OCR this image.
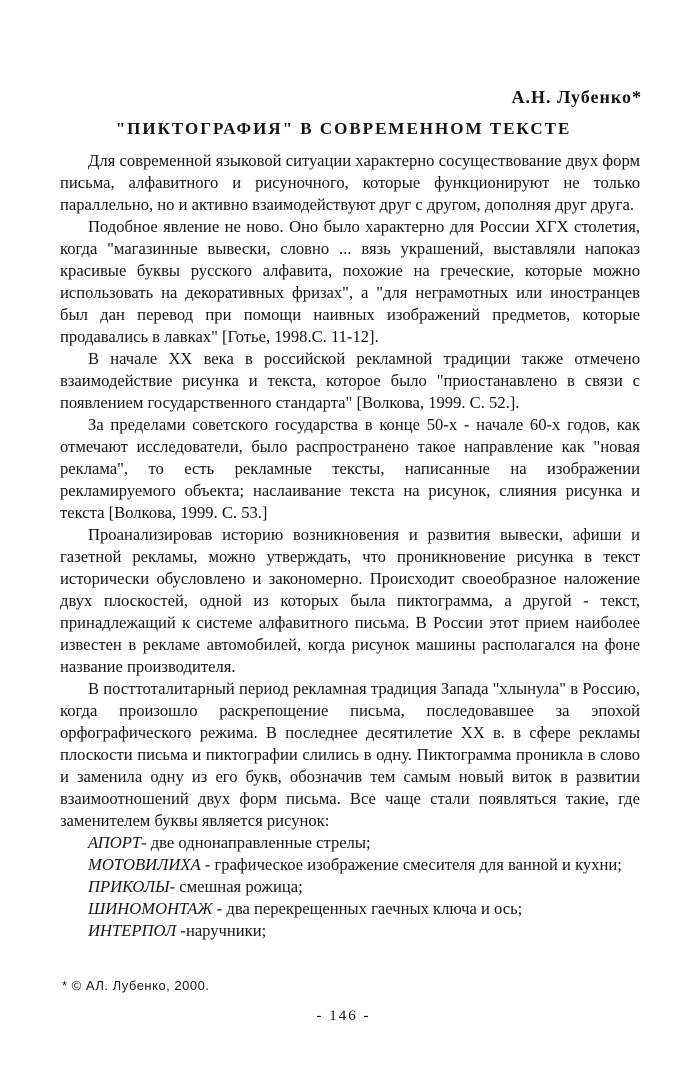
А.Н. Лубенко*
"ПИКТОГРАФИЯ" В СОВРЕМЕННОМ ТЕКСТЕ

Для современной языковой ситуации характерно сосуществование двух форм письма, алфавитного и рисуночного, которые функционируют не только параллельно, но и активно взаимодействуют друг с другом, дополняя друг друга.

Подобное явление не ново. Оно было характерно для России ХГХ столетия, когда "магазинные вывески, словно ... вязь украшений, выставляли напоказ красивые буквы русского алфавита, похожие на греческие, которые можно использовать на декоративных фризах", а "для неграмотных или иностранцев был дан перевод при помощи наивных изображений предметов, которые продавались в лавках" [Готье, 1998.С. 11-12].

В начале XX века в российской рекламной традиции также отмечено взаимодействие рисунка и текста, которое было "приостанавлено в связи с появлением государственного стандарта" [Волкова, 1999. С. 52.].

За пределами советского государства в конце 50-х - начале 60-х годов, как отмечают исследователи, было распространено такое направление как "новая реклама", то есть рекламные тексты, написанные на изображении рекламируемого объекта; наслаивание текста на рисунок, слияния рисунка и текста [Волкова, 1999. С. 53.]

Проанализировав историю возникновения и развития вывески, афиши и газетной рекламы, можно утверждать, что проникновение рисунка в текст исторически обусловлено и закономерно. Происходит своеобразное наложение двух плоскостей, одной из которых была пиктограмма, а другой - текст, принадлежащий к системе алфавитного письма. В России этот прием наиболее известен в рекламе автомобилей, когда рисунок машины располагался на фоне название производителя.

В посттоталитарный период рекламная традиция Запада "хлынула" в Россию, когда произошло раскрепощение письма, последовавшее за эпохой орфографического режима. В последнее десятилетие XX в. в сфере рекламы плоскости письма и пиктографии слились в одну. Пиктограмма проникла в слово и заменила одну из его букв, обозначив тем самым новый виток в развитии взаимоотношений двух форм письма. Все чаще стали появляться такие, где заменителем буквы является рисунок:

АПОРТ- две однонаправленные стрелы;

МОТОВИЛИХА - графическое изображение смесителя для ванной и кухни;

ПРИКОЛЫ- смешная рожица;

ШИНОМОНТАЖ - два перекрещенных гаечных ключа и ось;

ИНТЕРПОЛ -наручники;

* © АЛ. Лубенко, 2000.
- 146 -
